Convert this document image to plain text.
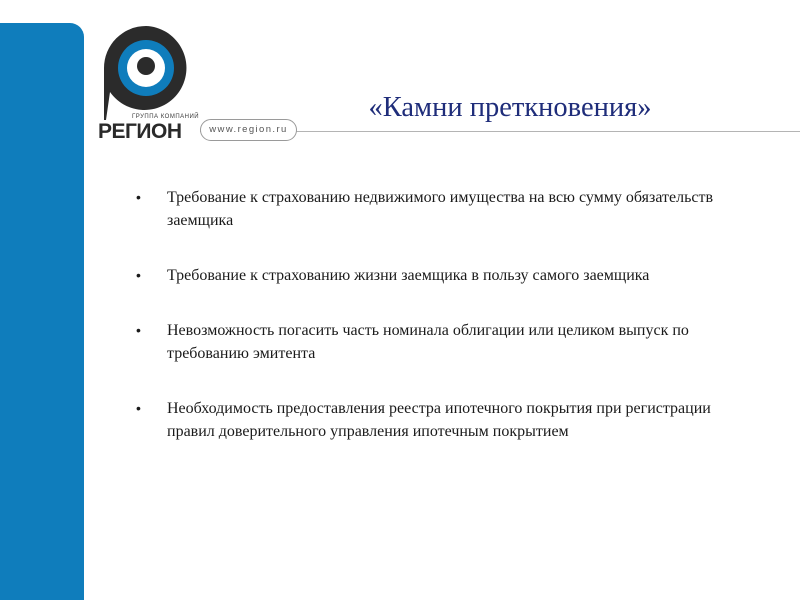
ГРУППА КОМПАНИЙ
РЕГИОН	www.region.ru
«Камни преткновения»
• Требование к страхованию недвижимого имущества на всю сумму обязательств заемщика
• Требование к страхованию жизни заемщика в пользу самого заемщика
• Невозможность погасить часть номинала облигации или целиком выпуск по требованию эмитента
• Необходимость предоставления реестра ипотечного покрытия при регистрации правил доверительного управления ипотечным покрытием
